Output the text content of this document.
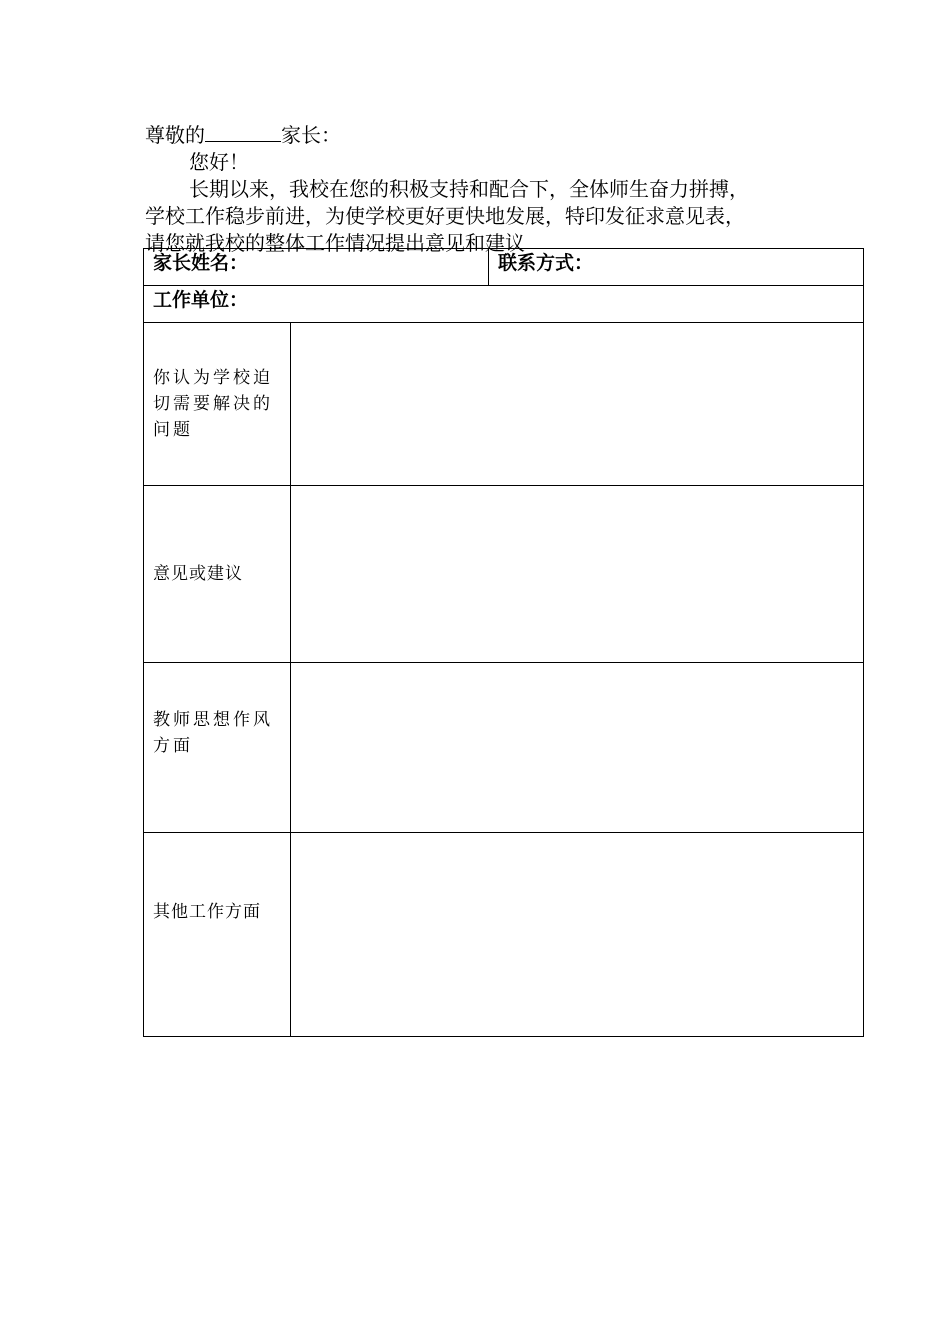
尊敬的	家长：

您好！

长期以来，我校在您的积极支持和配合下，全体师生奋力拼搏，

学校工作稳步前进，为使学校更好更快地发展，特印发征求意见表，

请您就我校的整体工作情况提出意见和建议

家长姓名：		联系方式：
工作单位：		
你认为学校迫切需要解决的问题		
意见或建议		
教师思想作风方面		
其他工作方面		
